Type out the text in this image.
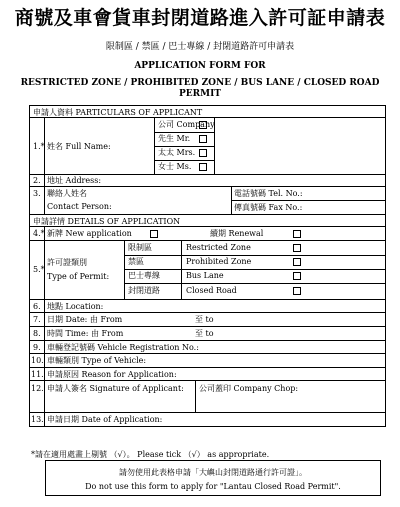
商號及車會貨車封閉道路進入許可証申請表
限制區 / 禁區 / 巴士專線 / 封閉道路許可申請表
APPLICATION FORM FOR
RESTRICTED ZONE / PROHIBITED ZONE / BUS LANE / CLOSED ROAD PERMIT
申請人資料 PARTICULARS OF APPLICANT
1.* 姓名 Full Name:
公司 Company
先生 Mr.
太太 Mrs.
女士 Ms.
2. 地址 Address:
3. 聯絡人姓名
Contact Person:
電話號碼 Tel. No.:
傳真號碼 Fax No.:
申請詳情 DETAILS OF APPLICATION
4.* 新牌 New application	續期 Renewal
5.*
許可證類別
Type of Permit:
限制區	Restricted Zone
禁區	Prohibited Zone
巴士專線	Bus Lane
封閉道路	Closed Road
6. 地點 Location:
7. 日期 Date: 由 From	至 to
8. 時間 Time: 由 From	至 to
9. 車輛登記號碼 Vehicle Registration No.:
10. 車輛類別 Type of Vehicle:
11. 申請原因 Reason for Application:
12. 申請人簽名 Signature of Applicant: 公司蓋印 Company Chop:
13. 申請日期 Date of Application:
*請在適用處畫上剔號 （√）。 Please tick （√） as appropriate.
請勿使用此表格申請「大嶼山封閉道路通行許可證」。
Do not use this form to apply for "Lantau Closed Road Permit".
